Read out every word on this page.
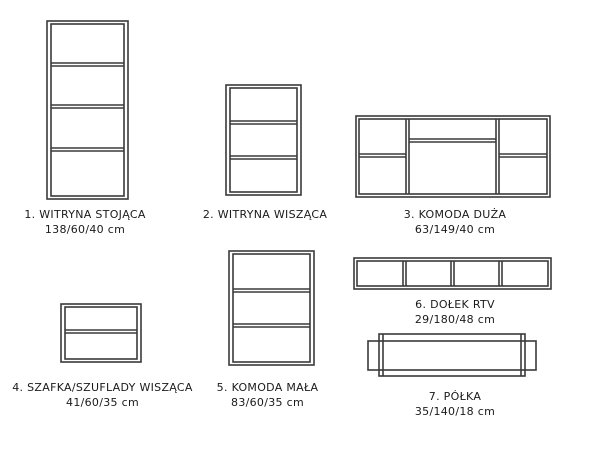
1. WITRYNA STOJĄCA
138/60/40 cm
2. WITRYNA WISZĄCA	3. KOMODA DUŻA
63/149/40 cm
6. DOŁEK RTV
29/180/48 cm
4. SZAFKA/SZUFLADY WISZĄCA
41/60/35 cm
5. KOMODA MAŁA
83/60/35 cm	7. PÓŁKA
35/140/18 cm
